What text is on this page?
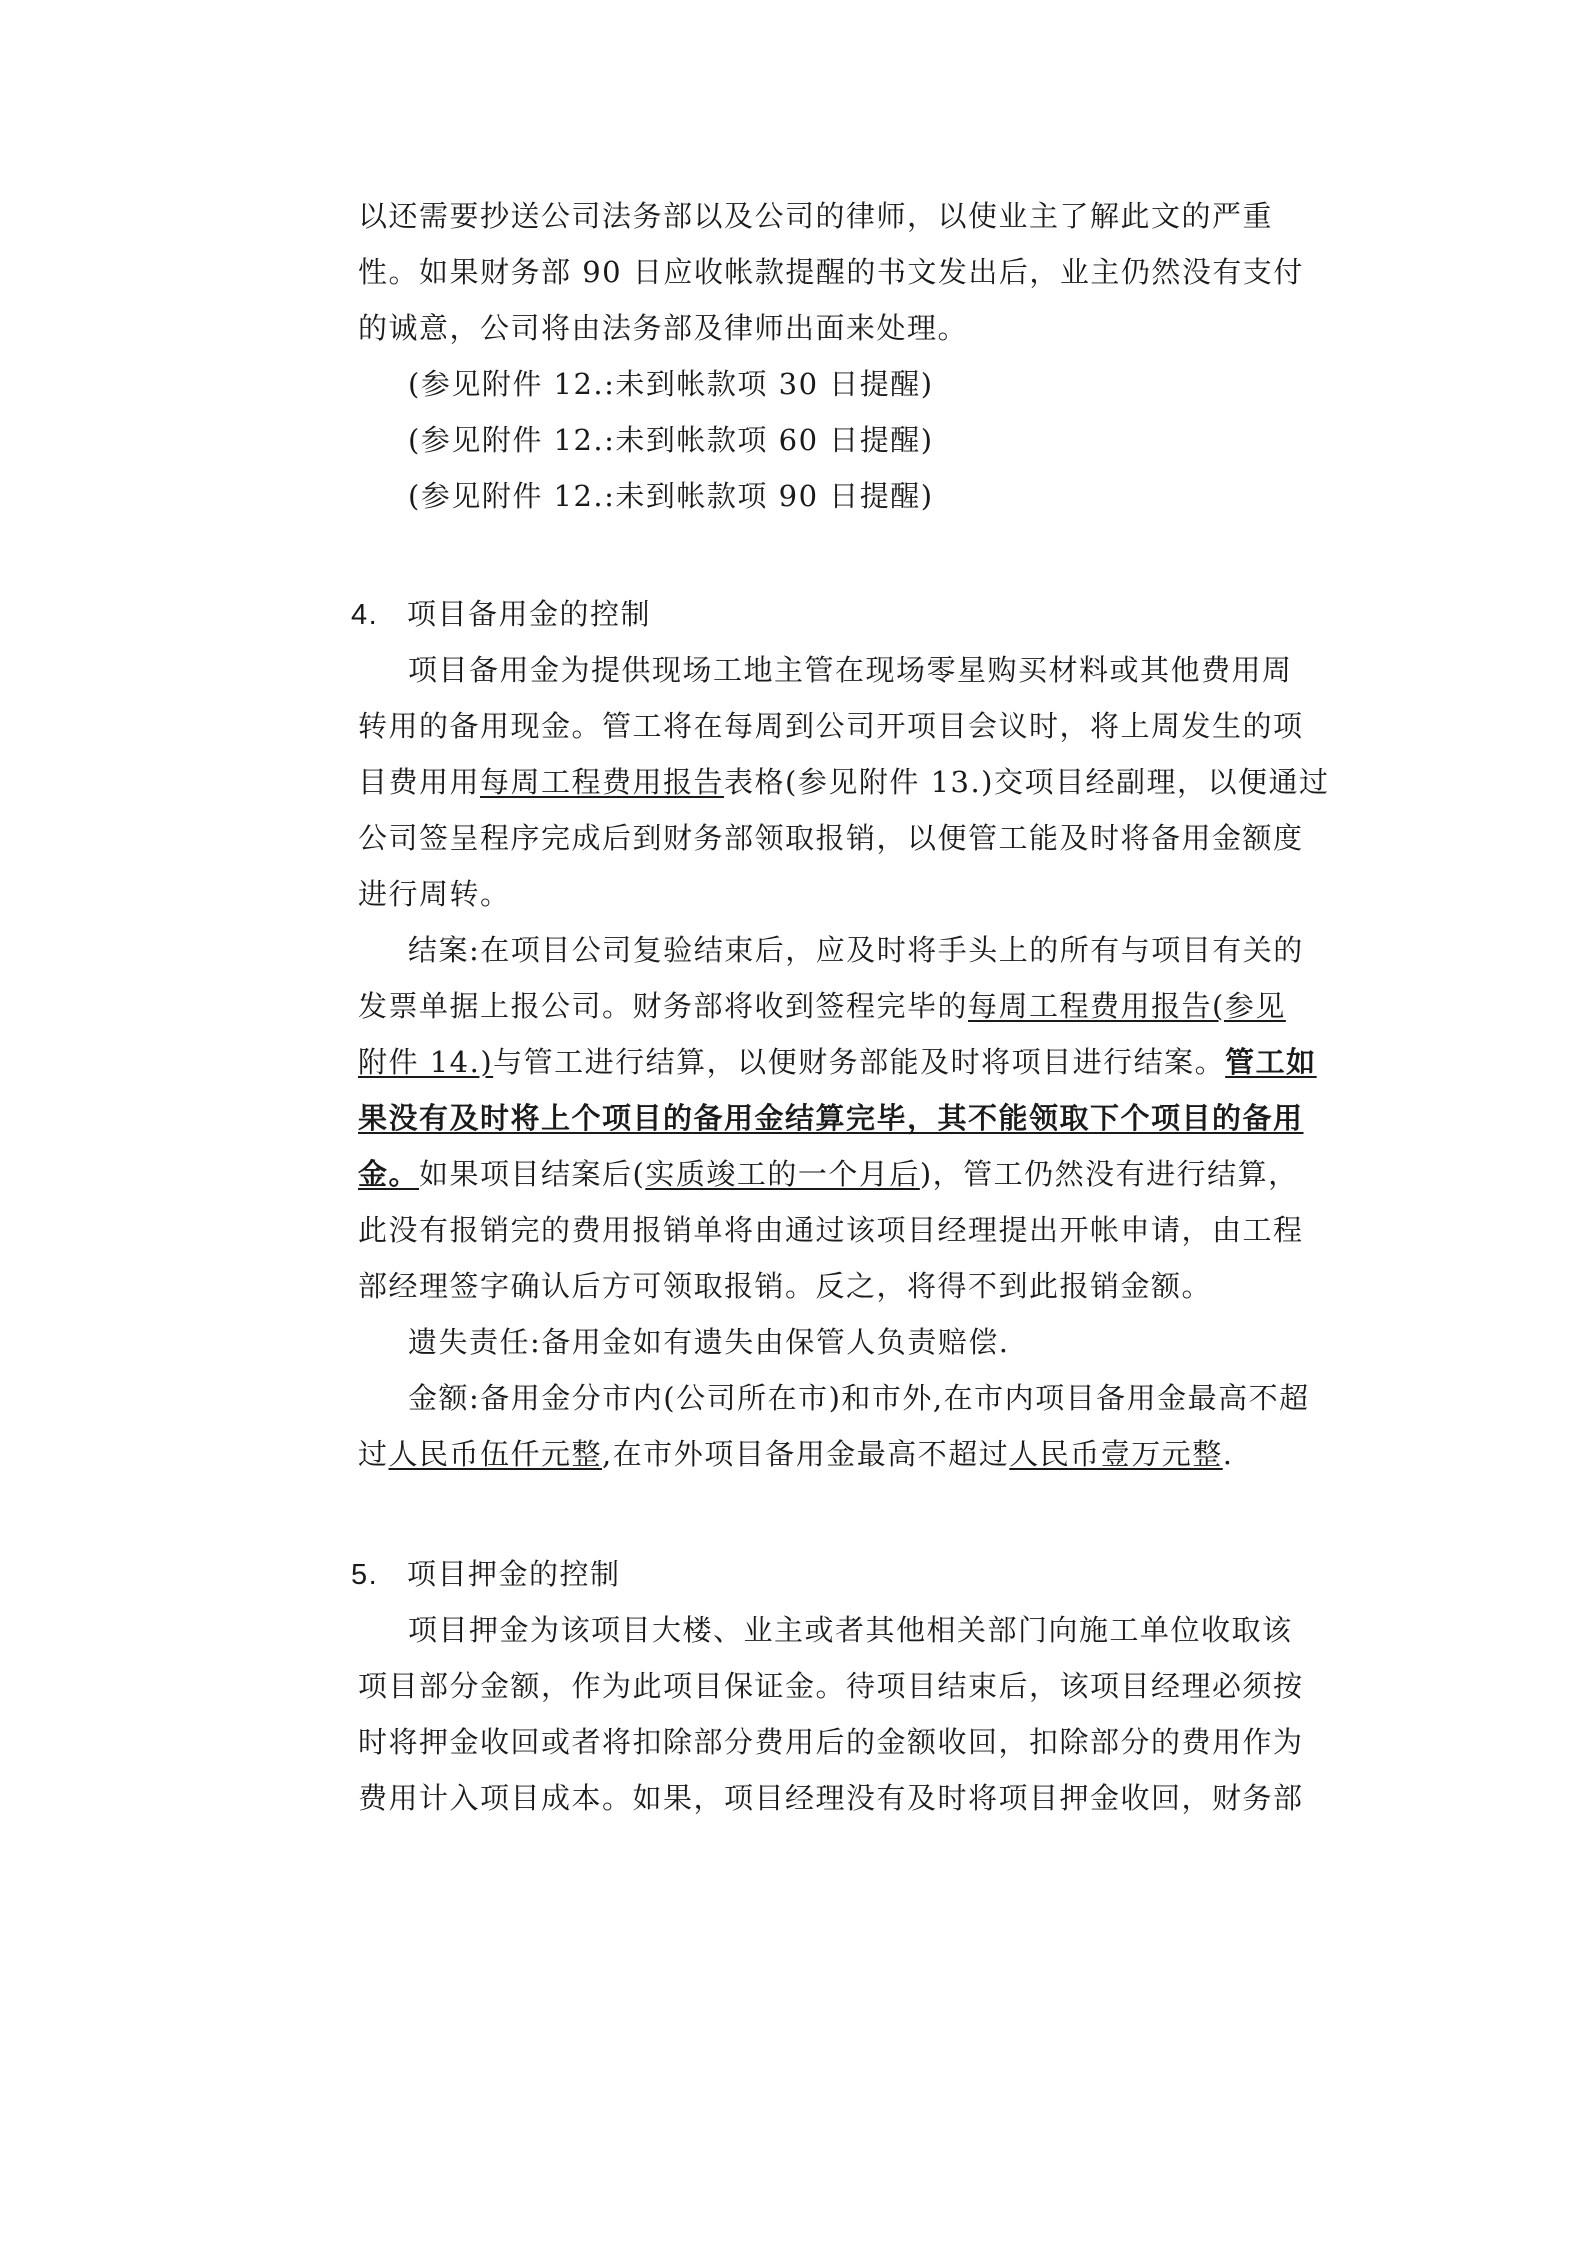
以还需要抄送公司法务部以及公司的律师，以使业主了解此文的严重
性。如果财务部 90 日应收帐款提醒的书文发出后，业主仍然没有支付
的诚意，公司将由法务部及律师出面来处理。
(参见附件 12.:未到帐款项 30 日提醒)
(参见附件 12.:未到帐款项 60 日提醒)
(参见附件 12.:未到帐款项 90 日提醒)
4. 项目备用金的控制
项目备用金为提供现场工地主管在现场零星购买材料或其他费用周
转用的备用现金。管工将在每周到公司开项目会议时，将上周发生的项
目费用用每周工程费用报告表格(参见附件 13.)交项目经副理，以便通过
公司签呈程序完成后到财务部领取报销，以便管工能及时将备用金额度
进行周转。
结案:在项目公司复验结束后，应及时将手头上的所有与项目有关的
发票单据上报公司。财务部将收到签程完毕的每周工程费用报告(参见
附件 14.)与管工进行结算，以便财务部能及时将项目进行结案。管工如
果没有及时将上个项目的备用金结算完毕，其不能领取下个项目的备用
金。如果项目结案后(实质竣工的一个月后)，管工仍然没有进行结算，
此没有报销完的费用报销单将由通过该项目经理提出开帐申请，由工程
部经理签字确认后方可领取报销。反之，将得不到此报销金额。
遗失责任:备用金如有遗失由保管人负责赔偿.
金额:备用金分市内(公司所在市)和市外,在市内项目备用金最高不超
过人民币伍仟元整,在市外项目备用金最高不超过人民币壹万元整.
5. 项目押金的控制
项目押金为该项目大楼、业主或者其他相关部门向施工单位收取该
项目部分金额，作为此项目保证金。待项目结束后，该项目经理必须按
时将押金收回或者将扣除部分费用后的金额收回，扣除部分的费用作为
费用计入项目成本。如果，项目经理没有及时将项目押金收回，财务部
